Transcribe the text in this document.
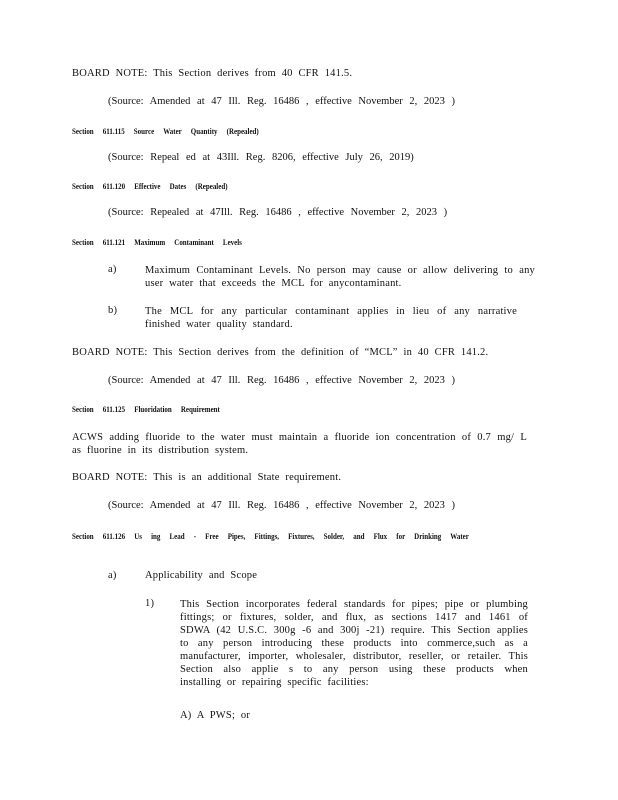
BOARD NOTE: This Section derives from 40 CFR 141.5.

(Source: Amended at 47 Ill. Reg. 16486 , effective November 2, 2023 )

Section 611.115 Source Water Quantity (Repealed)

(Source: Repeal ed at 43Ill. Reg. 8206, effective July 26, 2019)

Section 611.120 Effective Dates (Repealed)

(Source: Repealed at 47Ill. Reg. 16486 , effective November 2, 2023 )

Section 611.121 Maximum Contaminant Levels

a)	Maximum Contaminant Levels. No person may cause or allow delivering to any user water that exceeds the MCL for anycontaminant.

b)	The MCL for any particular contaminant applies in lieu of any narrative finished water quality standard.

BOARD NOTE: This Section derives from the definition of “MCL” in 40 CFR 141.2.

(Source: Amended at 47 Ill. Reg. 16486 , effective November 2, 2023 )

Section 611.125 Fluoridation Requirement

ACWS adding fluoride to the water must maintain a fluoride ion concentration of 0.7 mg/ L as fluorine in its distribution system.

BOARD NOTE: This is an additional State requirement.

(Source: Amended at 47 Ill. Reg. 16486 , effective November 2, 2023 )

Section 611.126 Us ing Lead - Free Pipes, Fittings, Fixtures, Solder, and Flux for Drinking Water

a)	Applicability and Scope

1) This Section incorporates federal standards for pipes; pipe or plumbing fittings; or fixtures, solder, and flux, as sections 1417 and 1461 of SDWA (42 U.S.C. 300g -6 and 300j -21) require. This Section applies to any person introducing these products into commerce,such as a manufacturer, importer, wholesaler, distributor, reseller, or retailer. This Section also applie s to any person using these products when installing or repairing specific facilities:

A) A PWS; or
